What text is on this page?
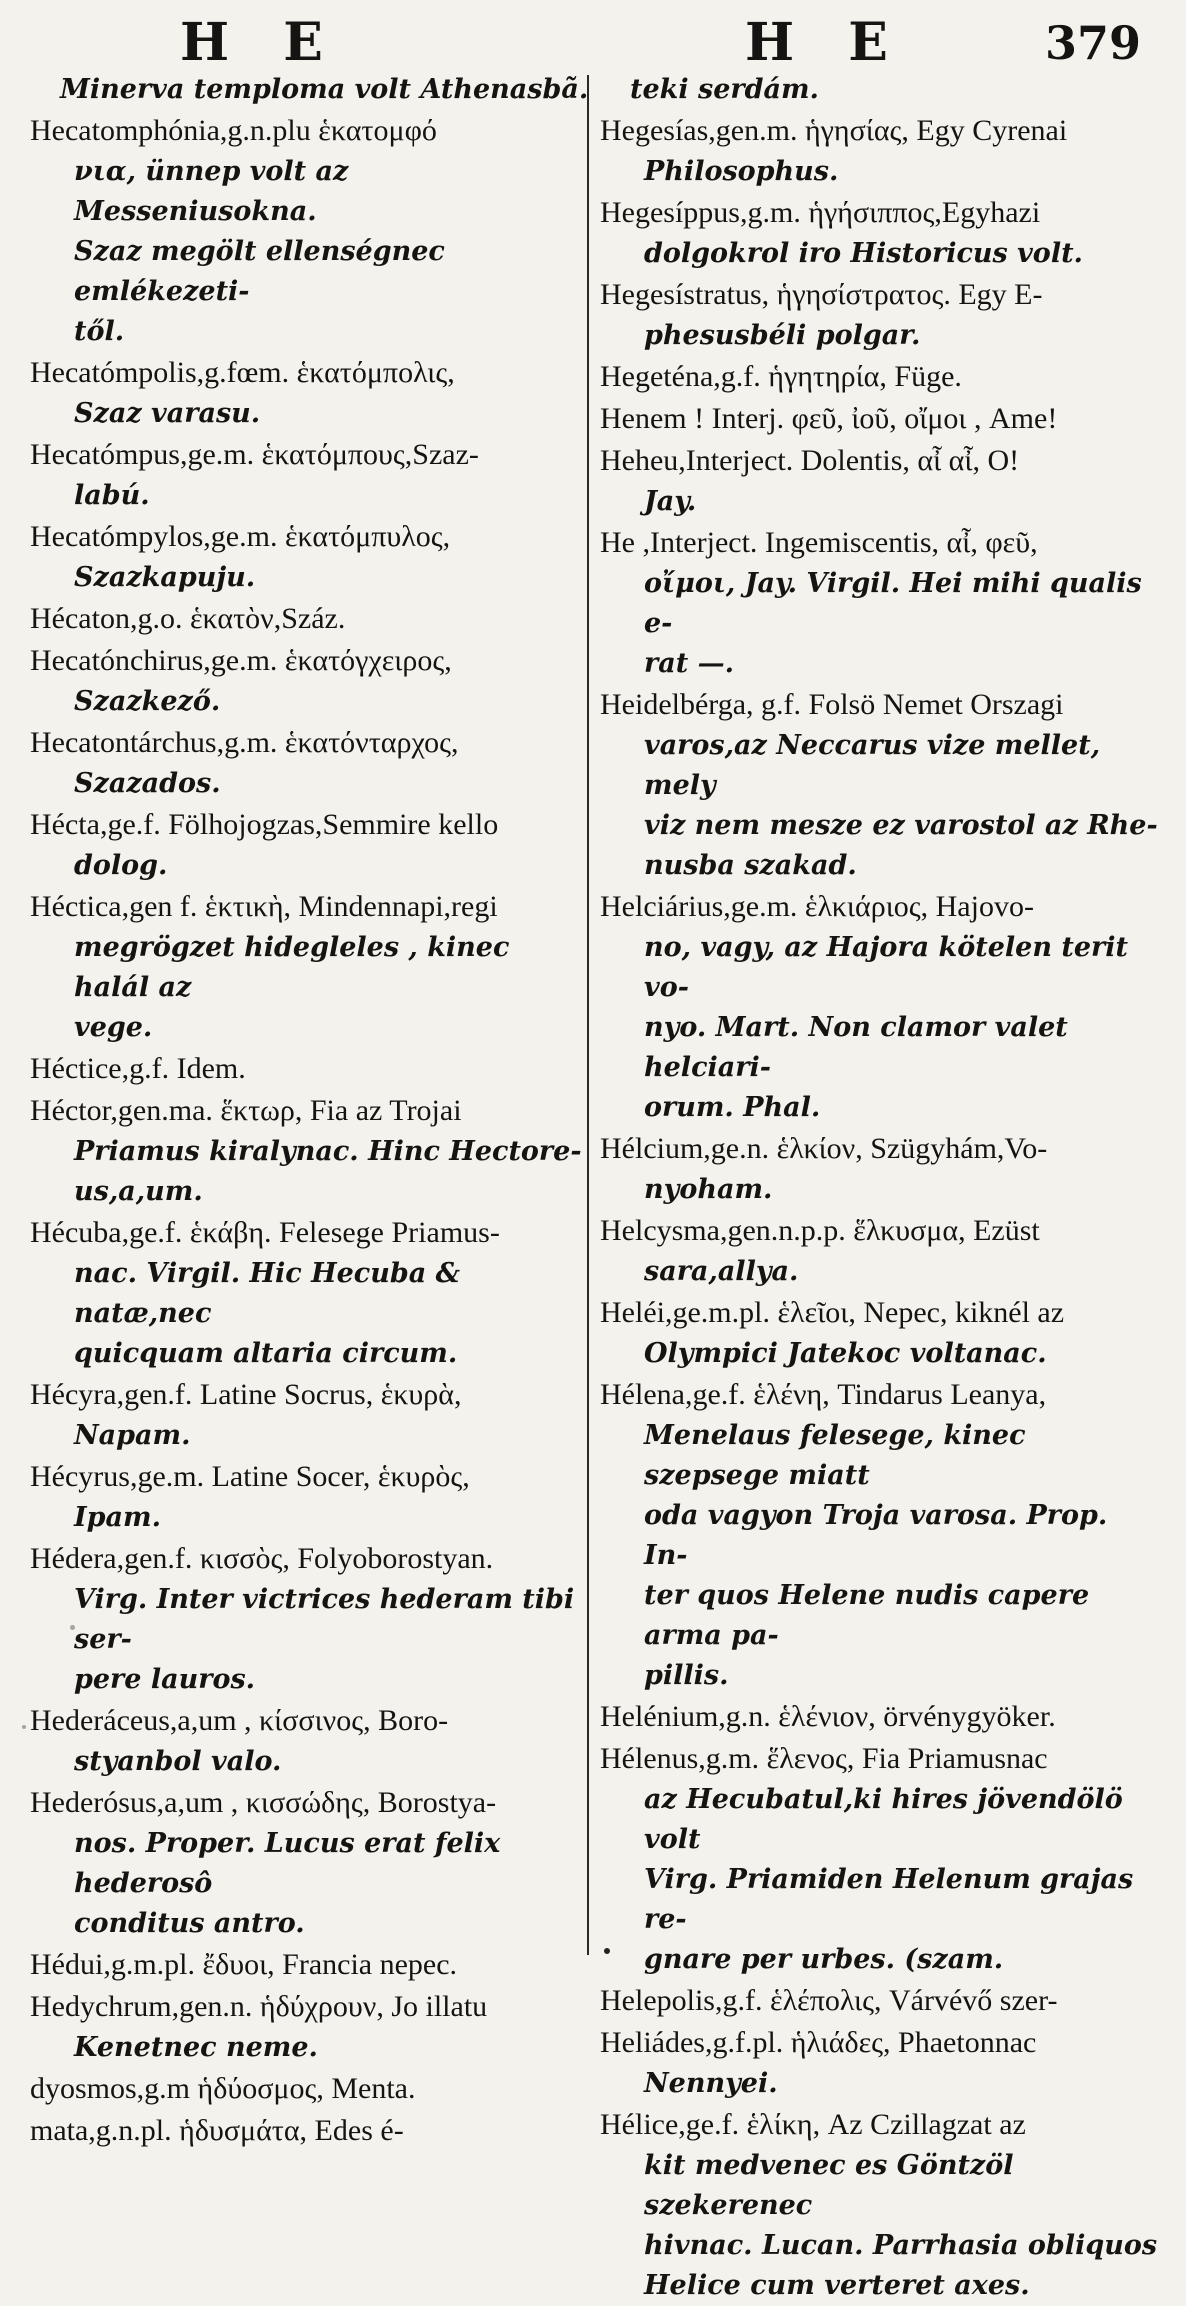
H E	H E	379
Minerva temploma volt Athenasbã.
Hecatomphónia,g.n.plu ἑκατομφό
νια, ünnep volt az Messeniusokna.
Szaz megölt ellenségnec emlékezeti-
től.
Hecatómpolis,g.fœm. ἑκατόμπολις,
Szaz varasu.
Hecatómpus,ge.m. ἑκατόμπους,Szaz-
labú.
Hecatómpylos,ge.m. ἑκατόμπυλος,
Szazkapuju.
Hécaton,g.o. ἑκατὸν,Száz.
Hecatónchirus,ge.m. ἑκατόγχειρος,
Szazkező.
Hecatontárchus,g.m. ἑκατόνταρχος,
Szazados.
Hécta,ge.f. Fölhojogzas,Semmire kello
dolog.
Héctica,gen f. ἑκτικὴ, Mindennapi,regi
megrögzet hidegleles , kinec halál az
vege.
Héctice,g.f. Idem.
Héctor,gen.ma. ἕκτωρ, Fia az Trojai
Priamus kiralynac. Hinc Hectore-
us,a,um.
Hécuba,ge.f. ἑκάβη. Felesege Priamus-
nac. Virgil. Hic Hecuba & natæ,nec
quicquam altaria circum.
Hécyra,gen.f. Latine Socrus, ἑκυρὰ,
Napam.
Hécyrus,ge.m. Latine Socer, ἑκυρὸς,
Ipam.
Hédera,gen.f. κισσὸς, Folyoborostyan.
Virg. Inter victrices hederam tibi ser-
pere lauros.
Hederáceus,a,um , κίσσινος, Boro-
styanbol valo.
Hederósus,a,um , κισσώδης, Borostya-
nos. Proper. Lucus erat felix hederosô
conditus antro.
Hédui,g.m.pl. ἔδυοι, Francia nepec.
Hedychrum,gen.n. ἡδύχρουν, Jo illatu
Kenetnec neme.
dyosmos,g.m ἡδύοσμος, Menta.
mata,g.n.pl. ἡδυσμάτα, Edes é-
teki serdám.
Hegesías,gen.m. ἡγησίας, Egy Cyrenai
Philosophus.
Hegesíppus,g.m. ἡγήσιππος,Egyhazi
dolgokrol iro Historicus volt.
Hegesístratus, ἡγησίστρατος. Egy E-
phesusbéli polgar.
Hegeténa,g.f. ἡγητηρία, Füge.
Henem ! Interj. φεῦ, ἰοῦ, οἴμοι , Ame!
Heheu,Interject. Dolentis, αἶ αἶ, O!
Jay.
He ,Interject. Ingemiscentis, αἶ, φεῦ,
οἴμοι, Jay. Virgil. Hei mihi qualis e-
rat —.
Heidelbérga, g.f. Folsö Nemet Orszagi
varos,az Neccarus vize mellet, mely
viz nem mesze ez varostol az Rhe-
nusba szakad.
Helciárius,ge.m. ἑλκιάριος, Hajovo-
no, vagy, az Hajora kötelen terit vo-
nyo. Mart. Non clamor valet helciari-
orum. Phal.
Hélcium,ge.n. ἑλκίον, Szügyhám,Vo-
nyoham.
Helcysma,gen.n.p.p. ἕλκυσμα, Ezüst
sara,allya.
Heléi,ge.m.pl. ἑλεῖοι, Nepec, kiknél az
Olympici Jatekoc voltanac.
Hélena,ge.f. ἑλένη, Tindarus Leanya,
Menelaus felesege, kinec szepsege miatt
oda vagyon Troja varosa. Prop. In-
ter quos Helene nudis capere arma pa-
pillis.
Helénium,g.n. ἑλένιον, örvénygyöker.
Hélenus,g.m. ἕλενος, Fia Priamusnac
az Hecubatul,ki hires jövendölö volt
Virg. Priamiden Helenum grajas re-
gnare per urbes. (szam.
Helepolis,g.f. ἑλέπολις, Várvévő szer-
Heliádes,g.f.pl. ἡλιάδες, Phaetonnac
Nennyei.
Hélice,ge.f. ἑλίκη, Az Czillagzat az
kit medvenec es Göntzöl szekerenec
hivnac. Lucan. Parrhasia obliquos
Helice cum verteret axes.
